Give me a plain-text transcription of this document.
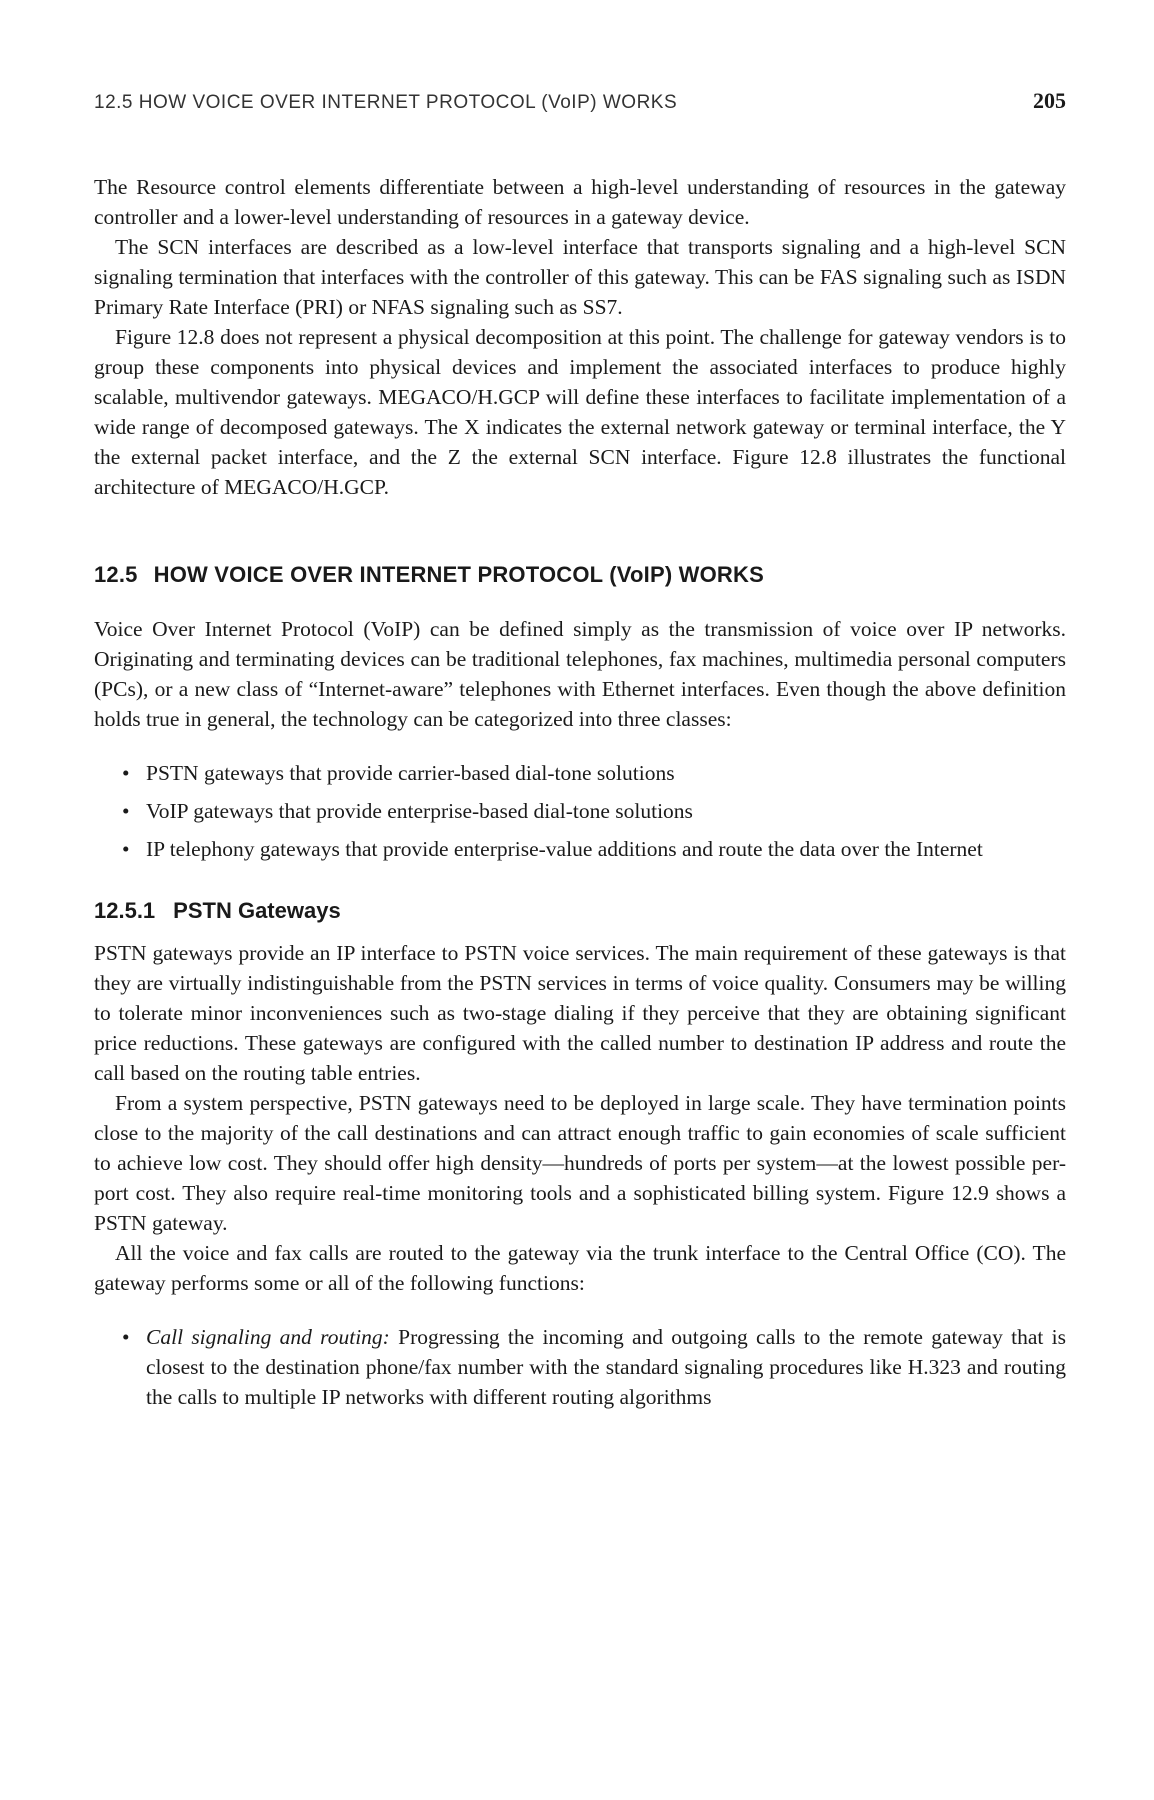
12.5 HOW VOICE OVER INTERNET PROTOCOL (VoIP) WORKS	205

The Resource control elements differentiate between a high-level understanding of resources in the gateway controller and a lower-level understanding of resources in a gateway device.

The SCN interfaces are described as a low-level interface that transports signaling and a high-level SCN signaling termination that interfaces with the controller of this gateway. This can be FAS signaling such as ISDN Primary Rate Interface (PRI) or NFAS signaling such as SS7.

Figure 12.8 does not represent a physical decomposition at this point. The challenge for gateway vendors is to group these components into physical devices and implement the associated interfaces to produce highly scalable, multivendor gateways. MEGACO/H.GCP will define these interfaces to facilitate implementation of a wide range of decomposed gateways. The X indicates the external network gateway or terminal interface, the Y the external packet interface, and the Z the external SCN interface. Figure 12.8 illustrates the functional architecture of MEGACO/H.GCP.

12.5 HOW VOICE OVER INTERNET PROTOCOL (VoIP) WORKS

Voice Over Internet Protocol (VoIP) can be defined simply as the transmission of voice over IP networks. Originating and terminating devices can be traditional telephones, fax machines, multimedia personal computers (PCs), or a new class of “Internet-aware” telephones with Ethernet interfaces. Even though the above definition holds true in general, the technology can be categorized into three classes:

• PSTN gateways that provide carrier-based dial-tone solutions
• VoIP gateways that provide enterprise-based dial-tone solutions
• IP telephony gateways that provide enterprise-value additions and route the data over the Internet
12.5.1 PSTN Gateways

PSTN gateways provide an IP interface to PSTN voice services. The main requirement of these gateways is that they are virtually indistinguishable from the PSTN services in terms of voice quality. Consumers may be willing to tolerate minor inconveniences such as two-stage dialing if they perceive that they are obtaining significant price reductions. These gateways are configured with the called number to destination IP address and route the call based on the routing table entries.

From a system perspective, PSTN gateways need to be deployed in large scale. They have termination points close to the majority of the call destinations and can attract enough traffic to gain economies of scale sufficient to achieve low cost. They should offer high density—hundreds of ports per system—at the lowest possible per-port cost. They also require real-time monitoring tools and a sophisticated billing system. Figure 12.9 shows a PSTN gateway.

All the voice and fax calls are routed to the gateway via the trunk interface to the Central Office (CO). The gateway performs some or all of the following functions:

• Call signaling and routing: Progressing the incoming and outgoing calls to the remote gateway that is closest to the destination phone/fax number with the standard signaling procedures like H.323 and routing the calls to multiple IP networks with different routing algorithms
